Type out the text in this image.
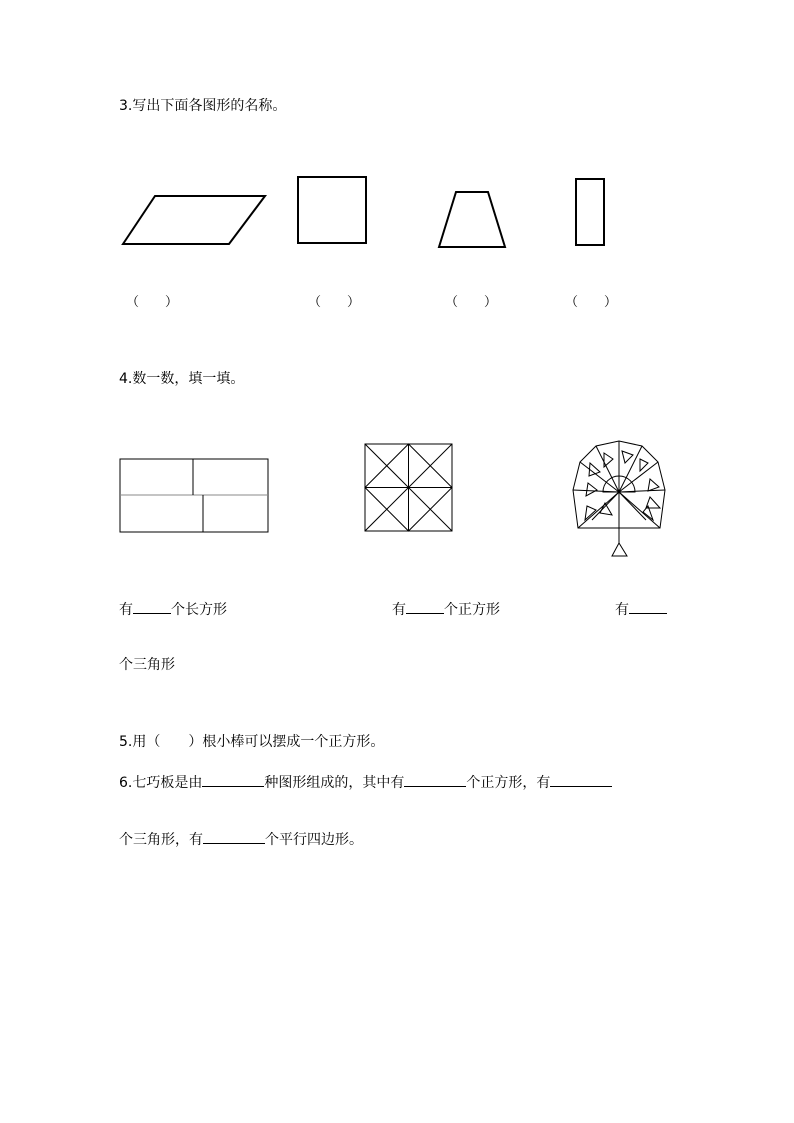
3.写出下面各图形的名称。
（　　）	（　　）	（　　）	（　　）
4.数一数，填一填。
有	个长方形	有	个正方形	有
个三角形
5.用（ ）根小棒可以摆成一个正方形。
6.七巧板是由	种图形组成的，其中有	个正方形，有
个三角形，有	个平行四边形。
